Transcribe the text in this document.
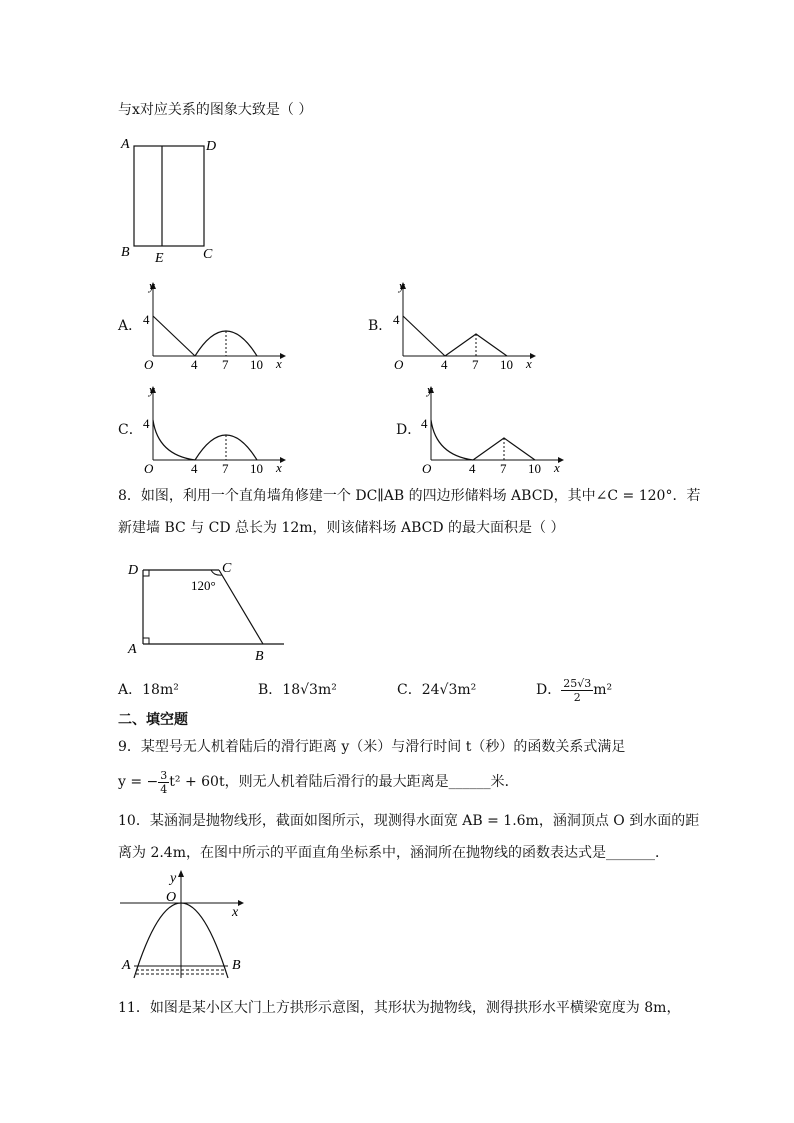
与x对应关系的图象大致是（ ）
A	D
B E	C
A．
y
x
O
4
4 7 10
B．
y
x
O
4
4 7 10
C．
y
x
O
4
4 7 10
D．
y
x
O
4
4 7 10
8．如图，利用一个直角墙角修建一个 DC∥AB 的四边形储料场 ABCD，其中∠C = 120°．若
新建墙 BC 与 CD 总长为 12m，则该储料场 ABCD 的最大面积是（ ）
D	C
A	B
120°
A．18m²	B．18√3m²	C．24√3m²	D． $\frac{25√3}{2} m^2$
二、填空题
9．某型号无人机着陆后的滑行距离 y（米）与滑行时间 t（秒）的函数关系式满足
y = − $\frac{3}{4} t^2 + 60t$，则无人机着陆后滑行的最大距离是______米．
10．某涵洞是抛物线形，截面如图所示，现测得水面宽 AB = 1.6m，涵洞顶点 O 到水面的距
离为 2.4m，在图中所示的平面直角坐标系中，涵洞所在抛物线的函数表达式是_______．
y
x
O
A	B
11．如图是某小区大门上方拱形示意图，其形状为抛物线，测得拱形水平横梁宽度为 8m，
